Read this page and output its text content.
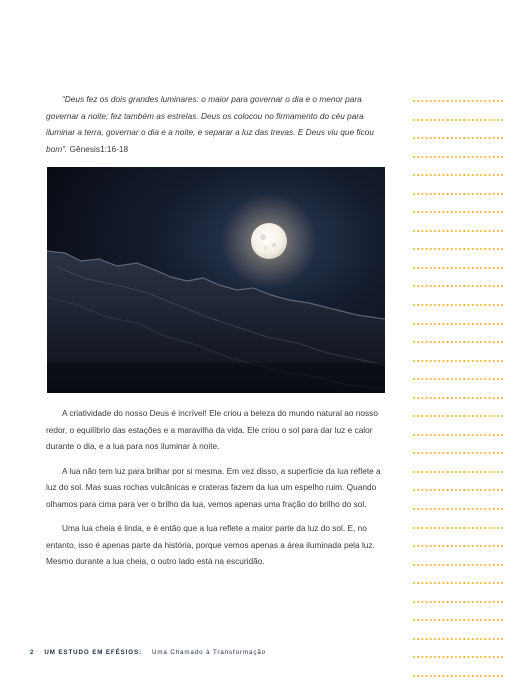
“Deus fez os dois grandes luminares: o maior para governar o dia e o menor para governar a noite; fez também as estrelas. Deus os colocou no firmamento do céu para iluminar a terra, governar o dia e a noite, e separar a luz das trevas. E Deus viu que ficou bom”. Gênesis1:16-18

A criatividade do nosso Deus é incrível! Ele criou a beleza do mundo natural ao nosso redor, o equilíbrio das estações e a maravilha da vida. Ele criou o sol para dar luz e calor durante o dia, e a lua para nos iluminar à noite.

A lua não tem luz para brilhar por si mesma. Em vez disso, a superfície da lua reflete a luz do sol. Mas suas rochas vulcânicas e crateras fazem da lua um espelho ruim. Quando olhamos para cima para ver o brilho da lua, vemos apenas uma fração do brilho do sol.

Uma lua cheia é linda, e é então que a lua reflete a maior parte da luz do sol. E, no entanto, isso é apenas parte da história, porque vemos apenas a área iluminada pela luz. Mesmo durante a lua cheia, o outro lado está na escuridão.

2 UM ESTUDO EM EFÉSIOS: Uma Chamado à Transformação
